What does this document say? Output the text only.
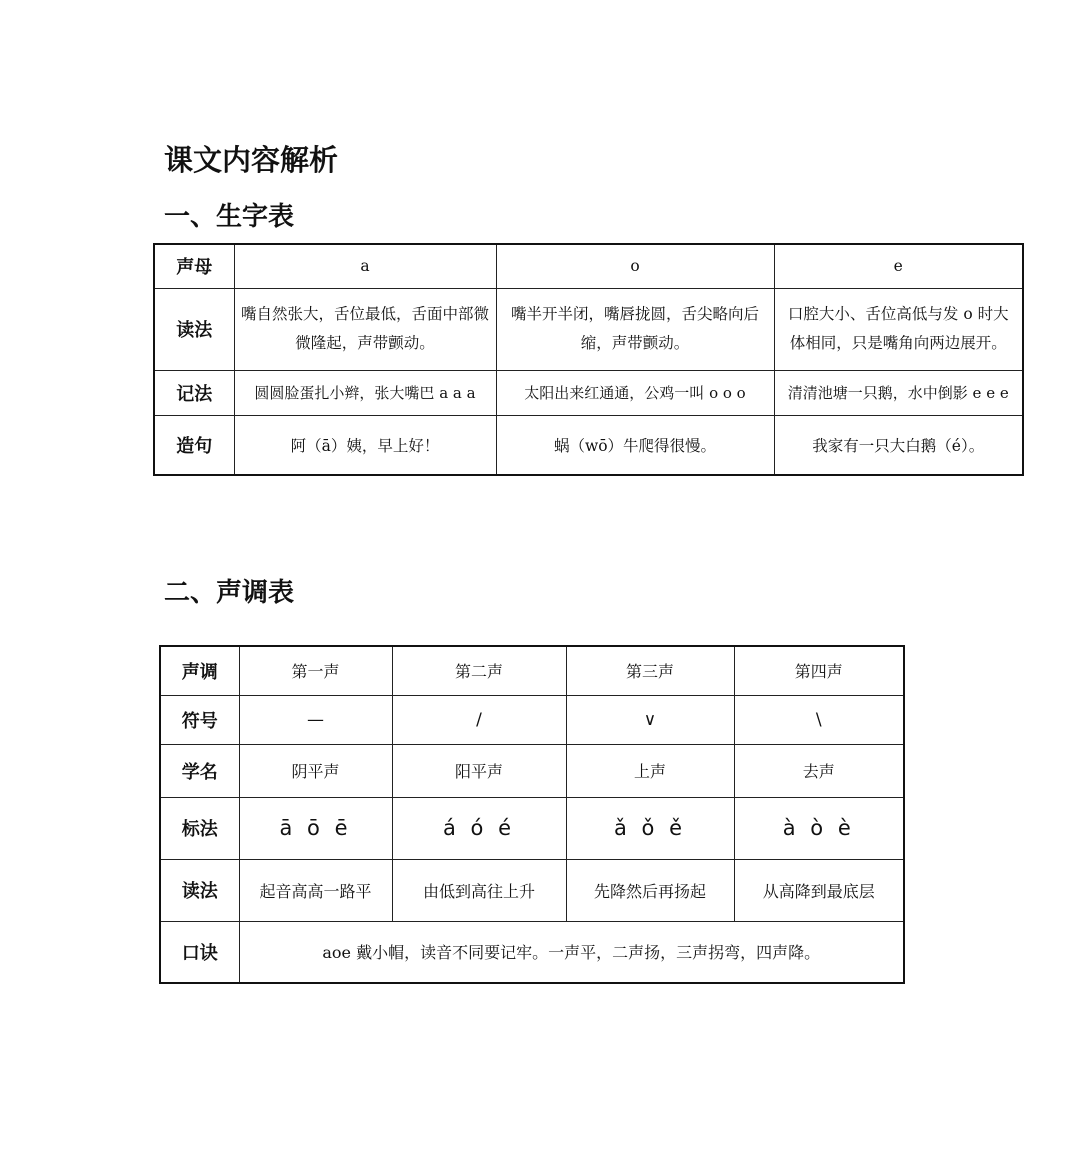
课文内容解析
一、生字表
声母	a	o	e
读法	嘴自然张大，舌位最低，舌面中部微微隆起，声带颤动。	嘴半开半闭，嘴唇拢圆，舌尖略向后缩，声带颤动。	口腔大小、舌位高低与发 o 时大体相同，只是嘴角向两边展开。
记法	圆圆脸蛋扎小辫，张大嘴巴 a a a	太阳出来红通通，公鸡一叫 o o o	清清池塘一只鹅，水中倒影 e e e
造句	阿（ā）姨，早上好！	蜗（wō）牛爬得很慢。	我家有一只大白鹅（é）。
二、声调表
声调	第一声	第二声	第三声	第四声
符号	—	/	∨	\
学名	阴平声	阳平声	上声	去声
标法	ā ō ē	á ó é	ǎ ǒ ě	à ò è
读法	起音高高一路平	由低到高往上升	先降然后再扬起	从高降到最底层
口诀	aoe 戴小帽，读音不同要记牢。一声平，二声扬，三声拐弯，四声降。			
